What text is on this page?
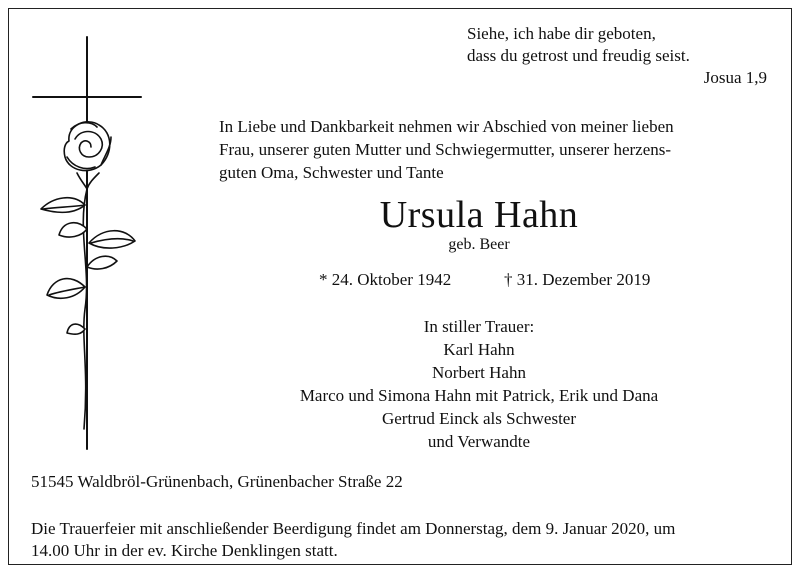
Siehe, ich habe dir geboten,
dass du getrost und freudig seist.
Josua 1,9
In Liebe und Dankbarkeit nehmen wir Abschied von meiner lieben
Frau, unserer guten Mutter und Schwiegermutter, unserer herzens-
guten Oma, Schwester und Tante
Ursula Hahn
geb. Beer
* 24. Oktober 1942	† 31. Dezember 2019
In stiller Trauer:
Karl Hahn
Norbert Hahn
Marco und Simona Hahn mit Patrick, Erik und Dana
Gertrud Einck als Schwester
und Verwandte
51545 Waldbröl-Grünenbach, Grünenbacher Straße 22
Die Trauerfeier mit anschließender Beerdigung findet am Donnerstag, dem 9. Januar 2020, um
14.00 Uhr in der ev. Kirche Denklingen statt.
